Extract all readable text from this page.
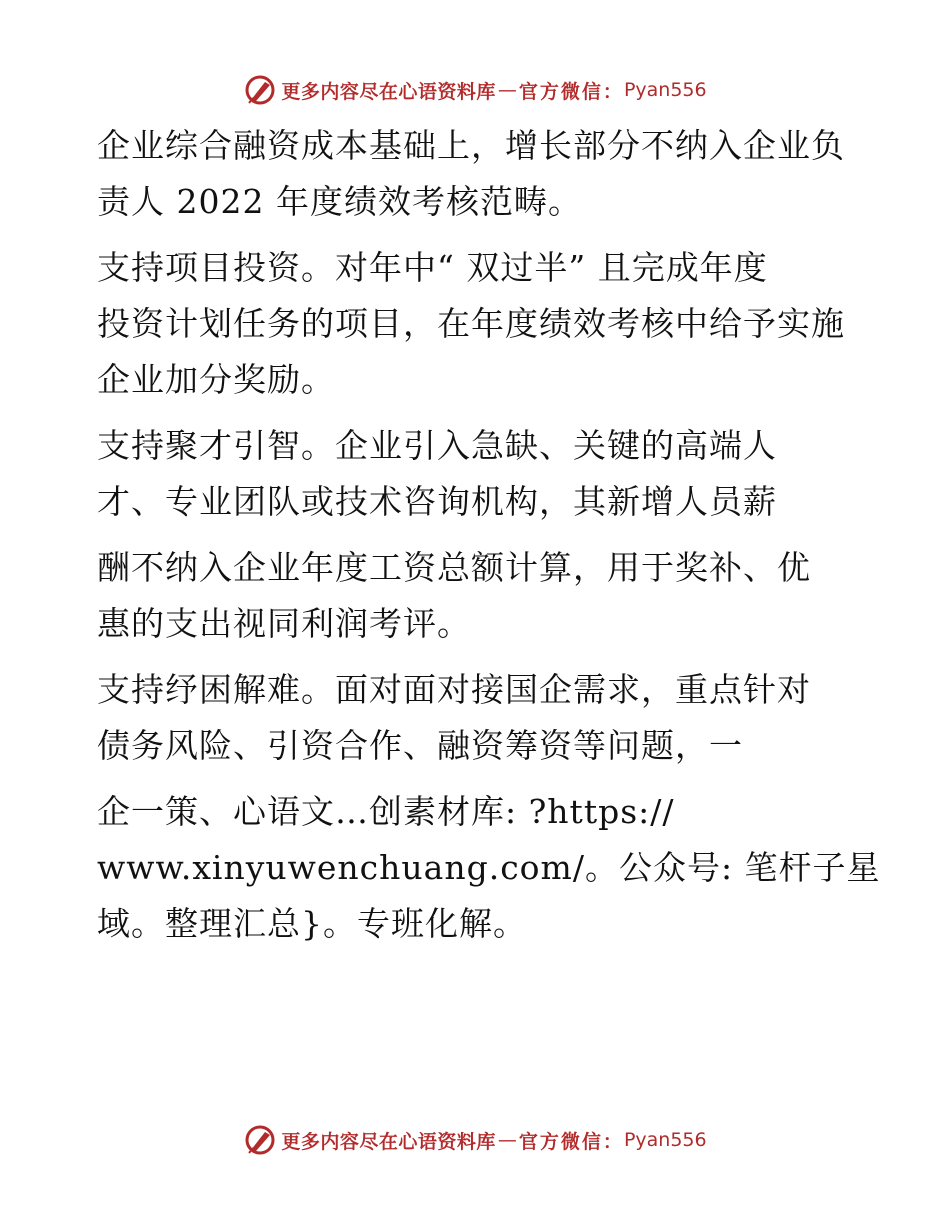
更多内容尽在心语资料库 — 官方微信： Pyan556

企业综合融资成本基础上，增长部分不纳入企业负

责人 2022 年度绩效考核范畴。

支持项目投资。对年中“ 双过半” 且完成年度

投资计划任务的项目，在年度绩效考核中给予实施

企业加分奖励。

支持聚才引智。企业引入急缺、关键的高端人

才、专业团队或技术咨询机构，其新增人员薪

酬不纳入企业年度工资总额计算，用于奖补、优

惠的支出视同利润考评。

支持纾困解难。面对面对接国企需求，重点针对

债务风险、引资合作、融资筹资等问题，一

企一策、心语文…创素材库: ?https://

www.xinyuwenchuang.com/。公众号: 笔杆子星

域。整理汇总}。专班化解。

更多内容尽在心语资料库 — 官方微信： Pyan556
